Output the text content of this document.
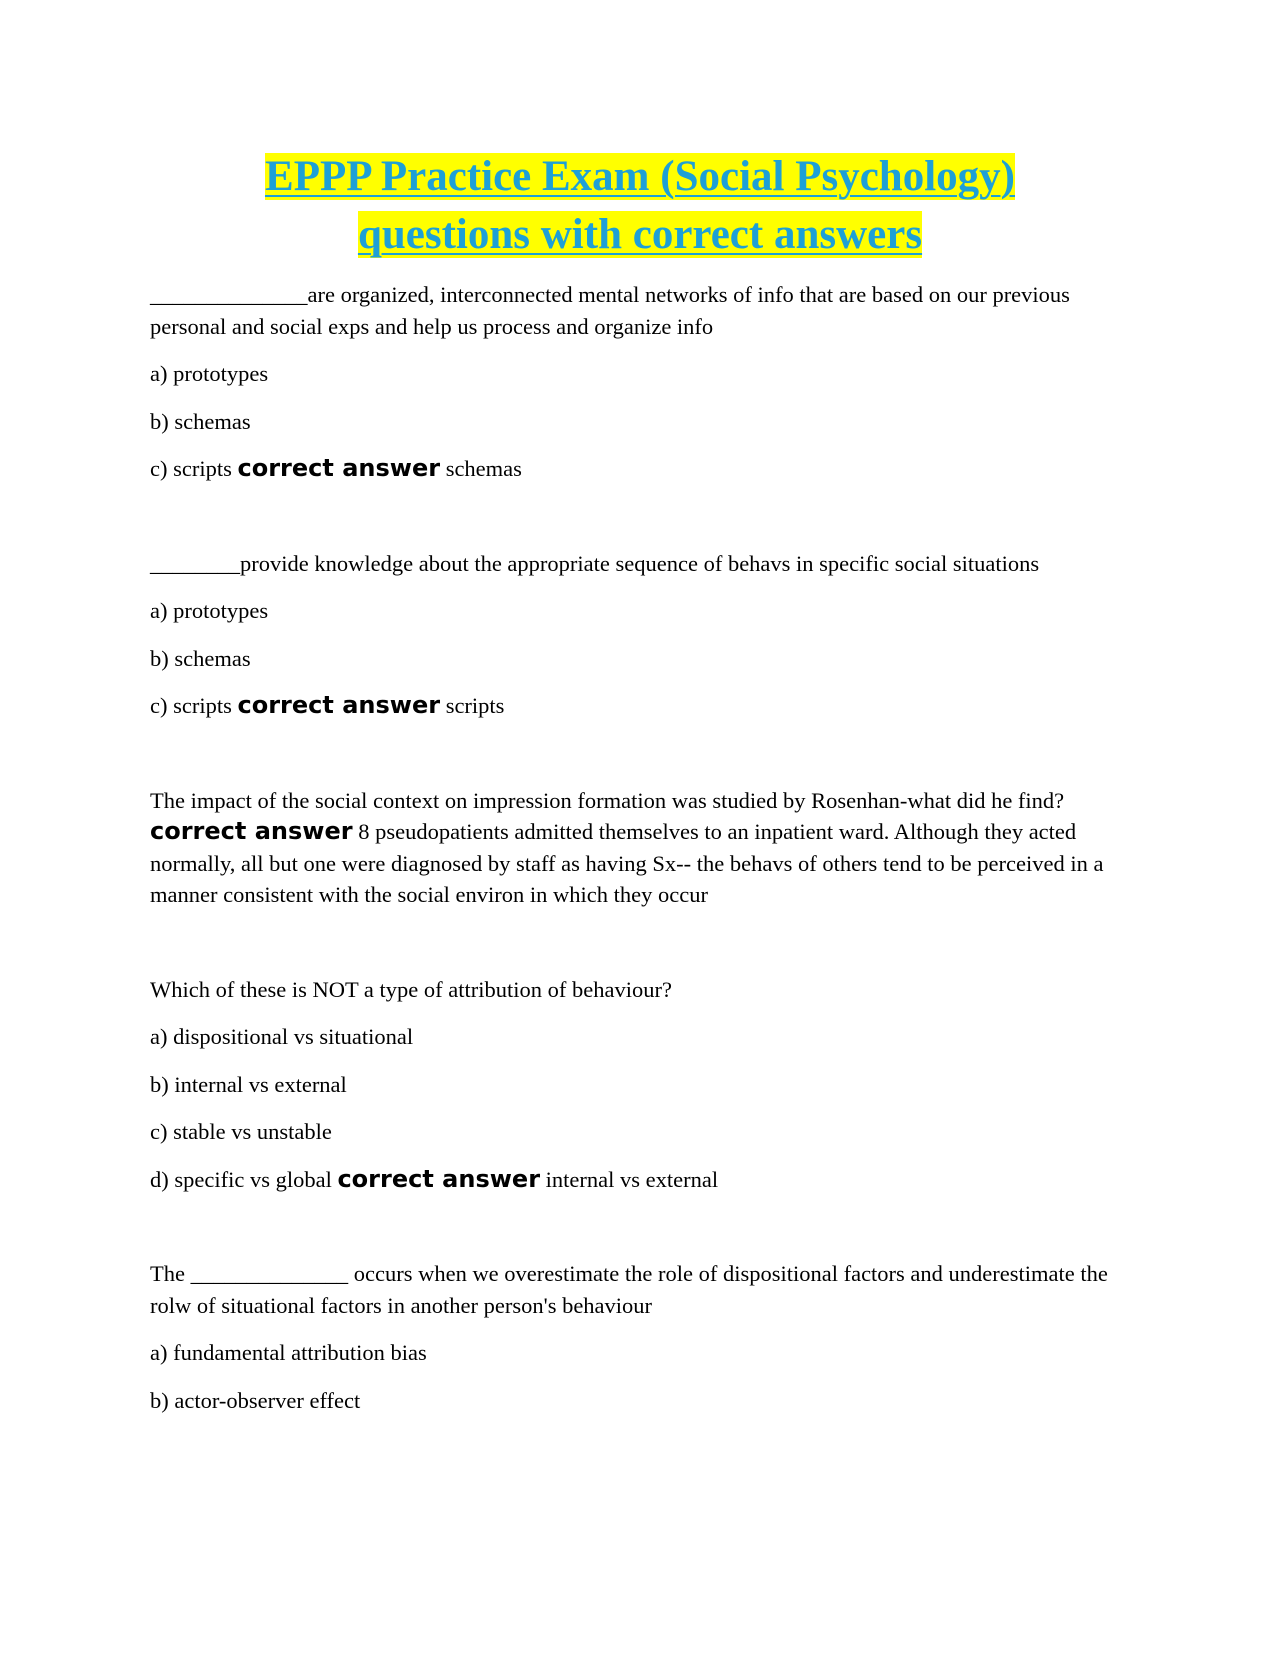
EPPP Practice Exam (Social Psychology)
questions with correct answers

______________are organized, interconnected mental networks of info that are based on our previous personal and social exps and help us process and organize info

a) prototypes

b) schemas

c) scripts correct answer schemas

________provide knowledge about the appropriate sequence of behavs in specific social situations

a) prototypes

b) schemas

c) scripts correct answer scripts

The impact of the social context on impression formation was studied by Rosenhan-what did he find? correct answer 8 pseudopatients admitted themselves to an inpatient ward. Although they acted normally, all but one were diagnosed by staff as having Sx-- the behavs of others tend to be perceived in a manner consistent with the social environ in which they occur

Which of these is NOT a type of attribution of behaviour?

a) dispositional vs situational

b) internal vs external

c) stable vs unstable

d) specific vs global correct answer internal vs external

The ______________ occurs when we overestimate the role of dispositional factors and underestimate the rolw of situational factors in another person's behaviour

a) fundamental attribution bias

b) actor-observer effect
